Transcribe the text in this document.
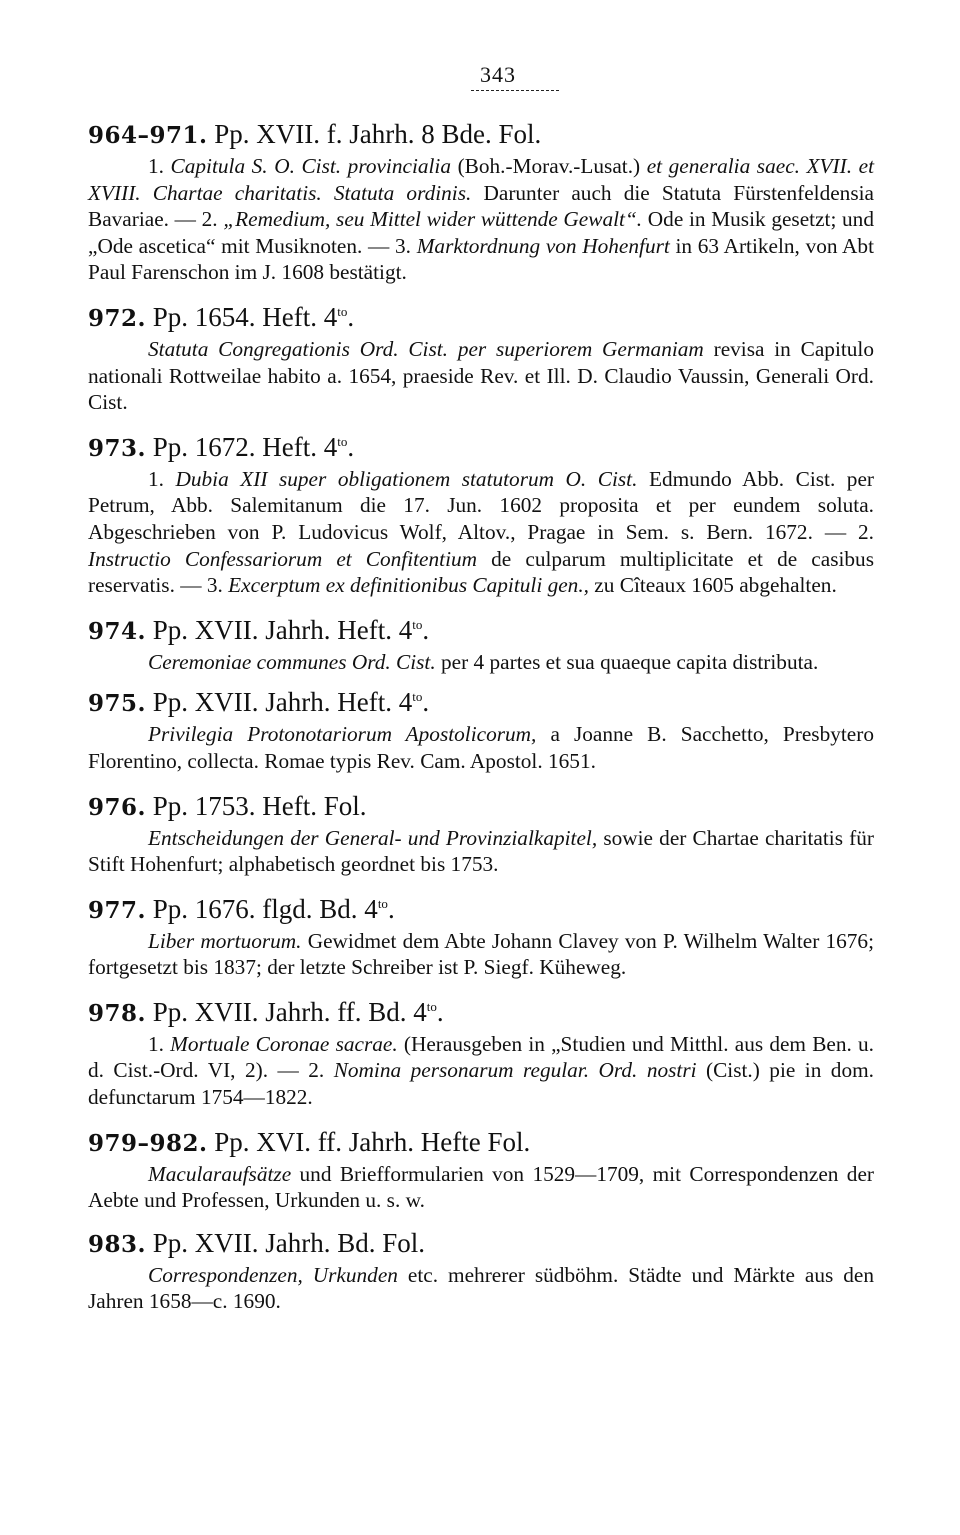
343

964–971. Pp. XVII. f. Jahrh. 8 Bde. Fol.

1. Capitula S. O. Cist. provincialia (Boh.-Morav.-Lusat.) et generalia saec. XVII. et XVIII. Chartae charitatis. Statuta ordinis. Darunter auch die Statuta Fürstenfeldensia Bavariae. — 2. „Remedium, seu Mittel wider wüttende Gewalt“. Ode in Musik gesetzt; und „Ode ascetica“ mit Musiknoten. — 3. Marktordnung von Hohenfurt in 63 Artikeln, von Abt Paul Farenschon im J. 1608 bestätigt.

972. Pp. 1654. Heft. $4^{to}$.

Statuta Congregationis Ord. Cist. per superiorem Germaniam revisa in Capitulo nationali Rottweilae habito a. 1654, praeside Rev. et Ill. D. Claudio Vaussin, Generali Ord. Cist.

973. Pp. 1672. Heft. $4^{to}$.

1. Dubia XII super obligationem statutorum O. Cist. Edmundo Abb. Cist. per Petrum, Abb. Salemitanum die 17. Jun. 1602 proposita et per eundem soluta. Abgeschrieben von P. Ludovicus Wolf, Altov., Pragae in Sem. s. Bern. 1672. — 2. Instructio Confessariorum et Confitentium de culparum multiplicitate et de casibus reservatis. — 3. Excerptum ex definitionibus Capituli gen., zu Cîteaux 1605 abgehalten.

974. Pp. XVII. Jahrh. Heft. $4^{to}$.

Ceremoniae communes Ord. Cist. per 4 partes et sua quaeque capita distributa.

975. Pp. XVII. Jahrh. Heft. $4^{to}$.

Privilegia Protonotariorum Apostolicorum, a Joanne B. Sacchetto, Presbytero Florentino, collecta. Romae typis Rev. Cam. Apostol. 1651.

976. Pp. 1753. Heft. Fol.

Entscheidungen der General- und Provinzialkapitel, sowie der Chartae charitatis für Stift Hohenfurt; alphabetisch geordnet bis 1753.

977. Pp. 1676. flgd. Bd. $4^{to}$.

Liber mortuorum. Gewidmet dem Abte Johann Clavey von P. Wilhelm Walter 1676; fortgesetzt bis 1837; der letzte Schreiber ist P. Siegf. Küheweg.

978. Pp. XVII. Jahrh. ff. Bd. $4^{to}$.

1. Mortuale Coronae sacrae. (Herausgeben in „Studien und Mitthl. aus dem Ben. u. d. Cist.-Ord. VI, 2). — 2. Nomina personarum regular. Ord. nostri (Cist.) pie in dom. defunctarum 1754—1822.

979–982. Pp. XVI. ff. Jahrh. Hefte Fol.

Macularaufsätze und Briefformularien von 1529—1709, mit Correspondenzen der Aebte und Professen, Urkunden u. s. w.

983. Pp. XVII. Jahrh. Bd. Fol.

Correspondenzen, Urkunden etc. mehrerer südböhm. Städte und Märkte aus den Jahren 1658—c. 1690.
